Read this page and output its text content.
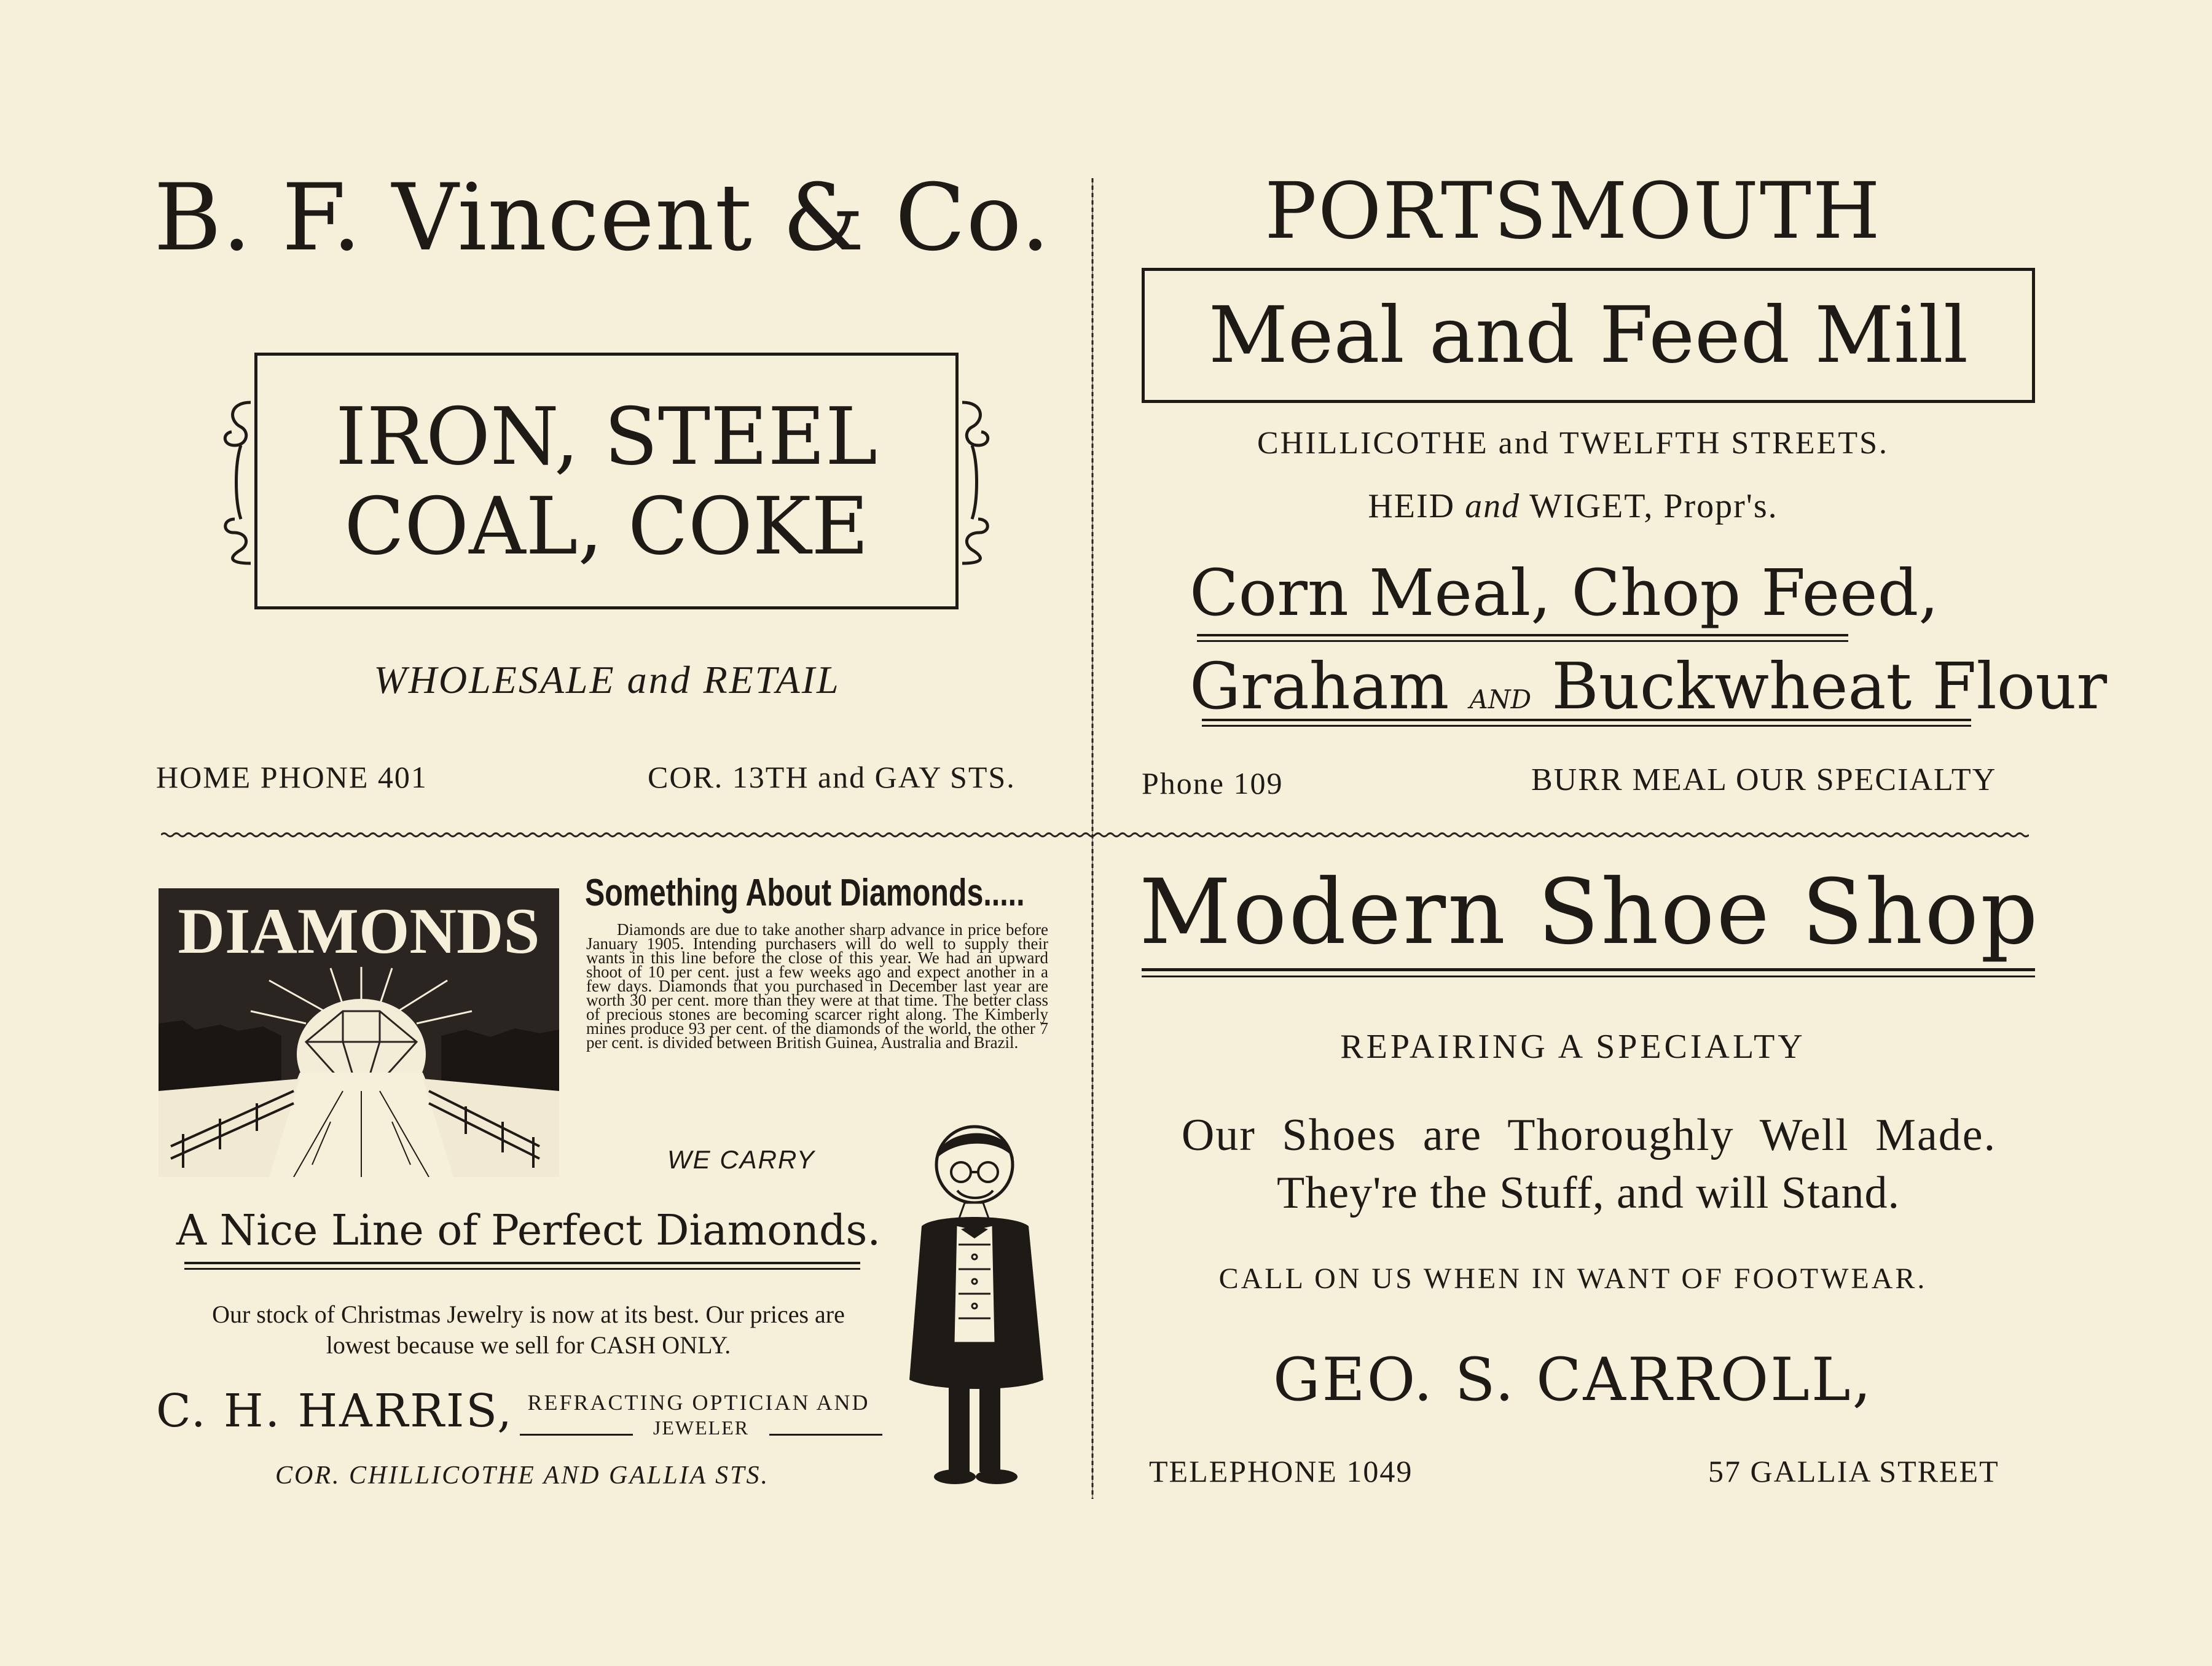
B. F. Vincent & Co.
IRON, STEEL
COAL, COKE
WHOLESALE and RETAIL
HOME PHONE 401	COR. 13TH and GAY STS.
PORTSMOUTH
Meal and Feed Mill
CHILLICOTHE and TWELFTH STREETS.
HEID and WIGET, Propr's.
Corn Meal, Chop Feed,
Graham AND Buckwheat Flour
Phone 109	BURR MEAL OUR SPECIALTY
DIAMONDS
Something About Diamonds.....
Diamonds are due to take another sharp advance in price before January 1905. Intending purchasers will do well to supply their wants in this line before the close of this year. We had an upward shoot of 10 per cent. just a few weeks ago and expect another in a few days. Diamonds that you purchased in December last year are worth 30 per cent. more than they were at that time. The better class of precious stones are becoming scarcer right along. The Kimberly mines produce 93 per cent. of the diamonds of the world, the other 7 per cent. is divided between British Guinea, Australia and Brazil.
WE CARRY
A Nice Line of Perfect Diamonds.
Our stock of Christmas Jewelry is now at its best. Our prices are
lowest because we sell for CASH ONLY.
C. H. HARRIS, REFRACTING OPTICIAN AND
JEWELER
COR. CHILLICOTHE AND GALLIA STS.
Modern Shoe Shop
REPAIRING A SPECIALTY
Our Shoes are Thoroughly Well Made.
They're the Stuff, and will Stand.
CALL ON US WHEN IN WANT OF FOOTWEAR.
GEO. S. CARROLL,
TELEPHONE 1049	57 GALLIA STREET
